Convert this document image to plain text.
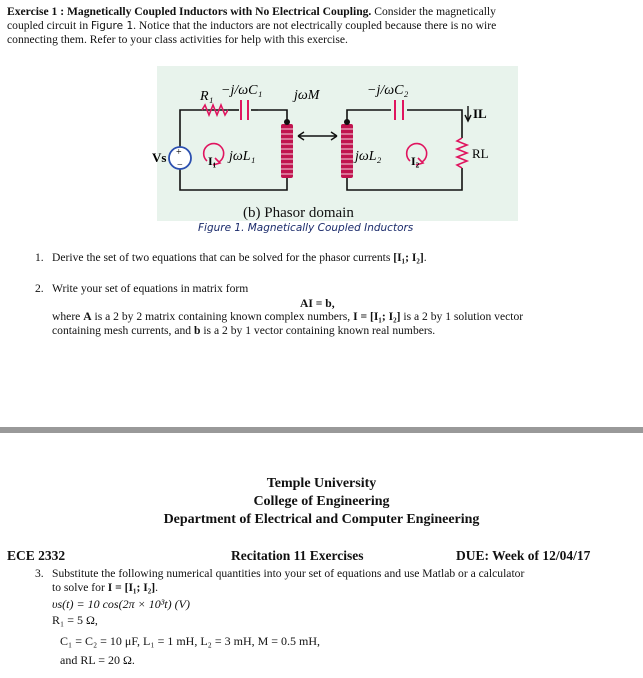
Exercise 1 : Magnetically Coupled Inductors with No Electrical Coupling. Consider the magnetically
coupled circuit in Figure 1. Notice that the inductors are not electrically coupled because there is no wire
connecting them. Refer to your class activities for help with this exercise.
+
−
R₁ −j/ωC₁ jωM	−j/ωC₂
Vs	I₁ jωL₁	jωL₂ I₂
IL
RL
(b) Phasor domain
Figure 1. Magnetically Coupled Inductors
1. Derive the set of two equations that can be solved for the phasor currents [I₁; I₂].
2. Write your set of equations in matrix form
AI = b,
where A is a 2 by 2 matrix containing known complex numbers, I = [I₁; I₂] is a 2 by 1 solution vector
containing mesh currents, and b is a 2 by 1 vector containing known real numbers.
Temple University
College of Engineering
Department of Electrical and Computer Engineering
ECE 2332	Recitation 11 Exercises	DUE: Week of 12/04/17
3. Substitute the following numerical quantities into your set of equations and use Matlab or a calculator
to solve for I = [I₁; I₂].
υs(t) = 10 cos(2π × 10³t) (V)
R₁ = 5 Ω,
C₁ = C₂ = 10 μF, L₁ = 1 mH, L₂ = 3 mH, M = 0.5 mH,
and RL = 20 Ω.
